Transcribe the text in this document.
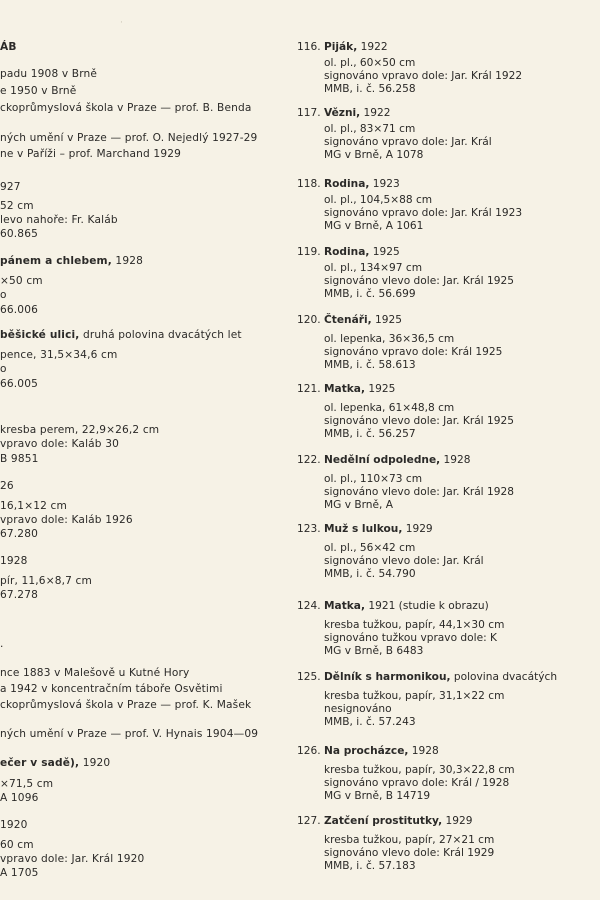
·
ÁB
padu 1908 v Brně
e 1950 v Brně
ckoprůmyslová škola v Praze — prof. B. Benda
ných umění v Praze — prof. O. Nejedlý 1927-29
ne v Paříži – prof. Marchand 1929
927
52 cm
levo nahoře: Fr. Kaláb
60.865
pánem a chlebem, 1928
×50 cm
o
66.006
běšické ulici, druhá polovina dvacátých let
pence, 31,5×34,6 cm
o
66.005
kresba perem, 22,9×26,2 cm
vpravo dole: Kaláb 30
B 9851
26
16,1×12 cm
vpravo dole: Kaláb 1926
67.280
1928
pír, 11,6×8,7 cm
67.278
.
nce 1883 v Malešově u Kutné Hory
a 1942 v koncentračním táboře Osvětimi
ckoprůmyslová škola v Praze — prof. K. Mašek
ných umění v Praze — prof. V. Hynais 1904—09
ečer v sadě), 1920
×71,5 cm
A 1096
1920
60 cm
vpravo dole: Jar. Král 1920
A 1705
116. Piják, 1922
ol. pl., 60×50 cm
signováno vpravo dole: Jar. Král 1922
MMB, i. č. 56.258
117. Vězni, 1922
ol. pl., 83×71 cm
signováno vpravo dole: Jar. Král
MG v Brně, A 1078
118. Rodina, 1923
ol. pl., 104,5×88 cm
signováno vpravo dole: Jar. Král 1923
MG v Brně, A 1061
119. Rodina, 1925
ol. pl., 134×97 cm
signováno vlevo dole: Jar. Král 1925
MMB, i. č. 56.699
120. Čtenáři, 1925
ol. lepenka, 36×36,5 cm
signováno vpravo dole: Král 1925
MMB, i. č. 58.613
121. Matka, 1925
ol. lepenka, 61×48,8 cm
signováno vlevo dole: Jar. Král 1925
MMB, i. č. 56.257
122. Nedělní odpoledne, 1928
ol. pl., 110×73 cm
signováno vlevo dole: Jar. Král 1928
MG v Brně, A
123. Muž s lulkou, 1929
ol. pl., 56×42 cm
signováno vlevo dole: Jar. Král
MMB, i. č. 54.790
124. Matka, 1921 (studie k obrazu)
kresba tužkou, papír, 44,1×30 cm
signováno tužkou vpravo dole: K
MG v Brně, B 6483
125. Dělník s harmonikou, polovina dvacátých
kresba tužkou, papír, 31,1×22 cm
nesignováno
MMB, i. č. 57.243
126. Na procházce, 1928
kresba tužkou, papír, 30,3×22,8 cm
signováno vpravo dole: Král / 1928
MG v Brně, B 14719
127. Zatčení prostitutky, 1929
kresba tužkou, papír, 27×21 cm
signováno vlevo dole: Král 1929
MMB, i. č. 57.183
